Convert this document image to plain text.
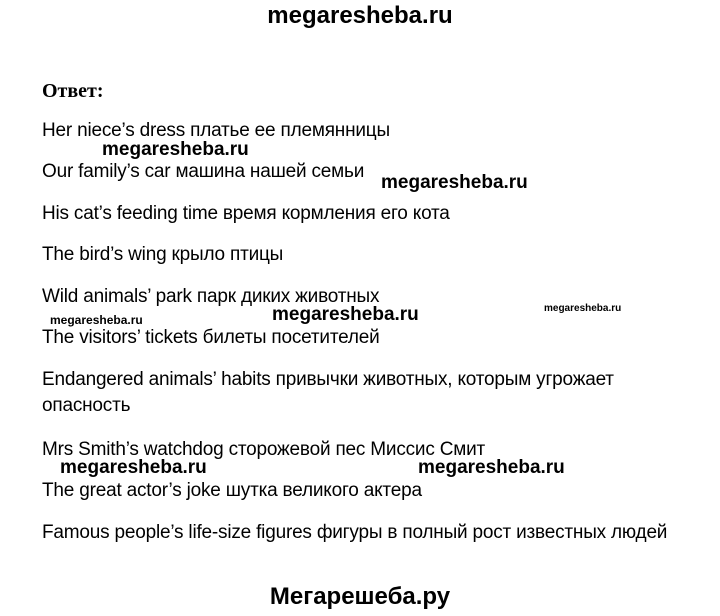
megaresheba.ru
Ответ:
Her niece’s dress платье ее племянницы
Our family’s car машина нашей семьи
His cat’s feeding time время кормления его кота
The bird’s wing крыло птицы
Wild animals’ park парк диких животных
The visitors’ tickets билеты посетителей
Endangered animals’ habits привычки животных, которым угрожает опасность
Mrs Smith’s watchdog сторожевой пес Миссис Смит
The great actor’s joke шутка великого актера
Famous people’s life-size figures фигуры в полный рост известных людей
megaresheba.ru
megaresheba.ru
megaresheba.ru	megaresheba.ru	megaresheba.ru
megaresheba.ru	megaresheba.ru
Мегарешеба.ру
